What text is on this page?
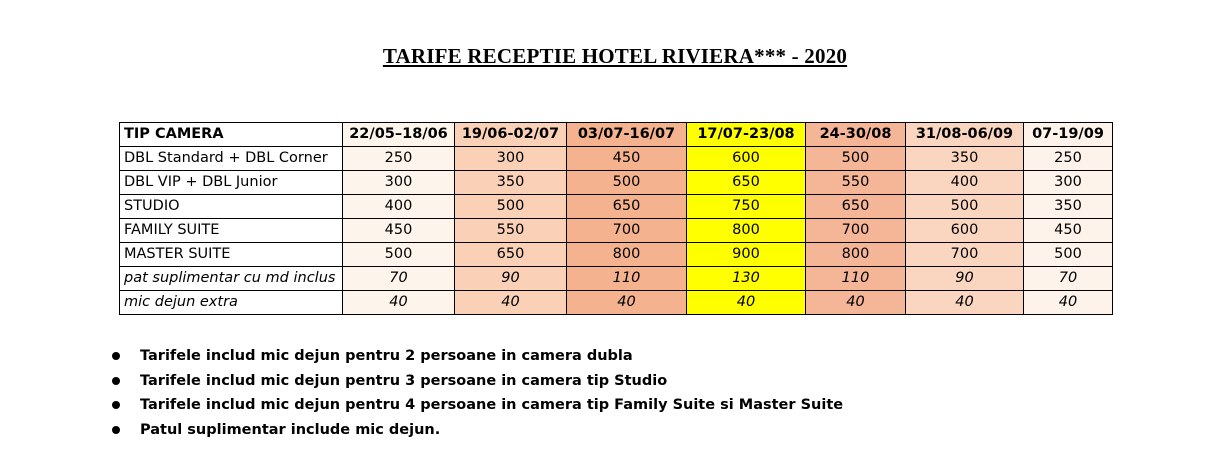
TARIFE RECEPTIE HOTEL RIVIERA*** - 2020
TIP CAMERA	22/05–18/06	19/06-02/07	03/07-16/07	17/07-23/08	24-30/08	31/08-06/09	07-19/09
DBL Standard + DBL Corner	250	300	450	600	500	350	250
DBL VIP + DBL Junior	300	350	500	650	550	400	300
STUDIO	400	500	650	750	650	500	350
FAMILY SUITE	450	550	700	800	700	600	450
MASTER SUITE	500	650	800	900	800	700	500
pat suplimentar cu md inclus	70	90	110	130	110	90	70
mic dejun extra	40	40	40	40	40	40	40
Tarifele includ mic dejun pentru 2 persoane in camera dubla
Tarifele includ mic dejun pentru 3 persoane in camera tip Studio
Tarifele includ mic dejun pentru 4 persoane in camera tip Family Suite si Master Suite
Patul suplimentar include mic dejun.
